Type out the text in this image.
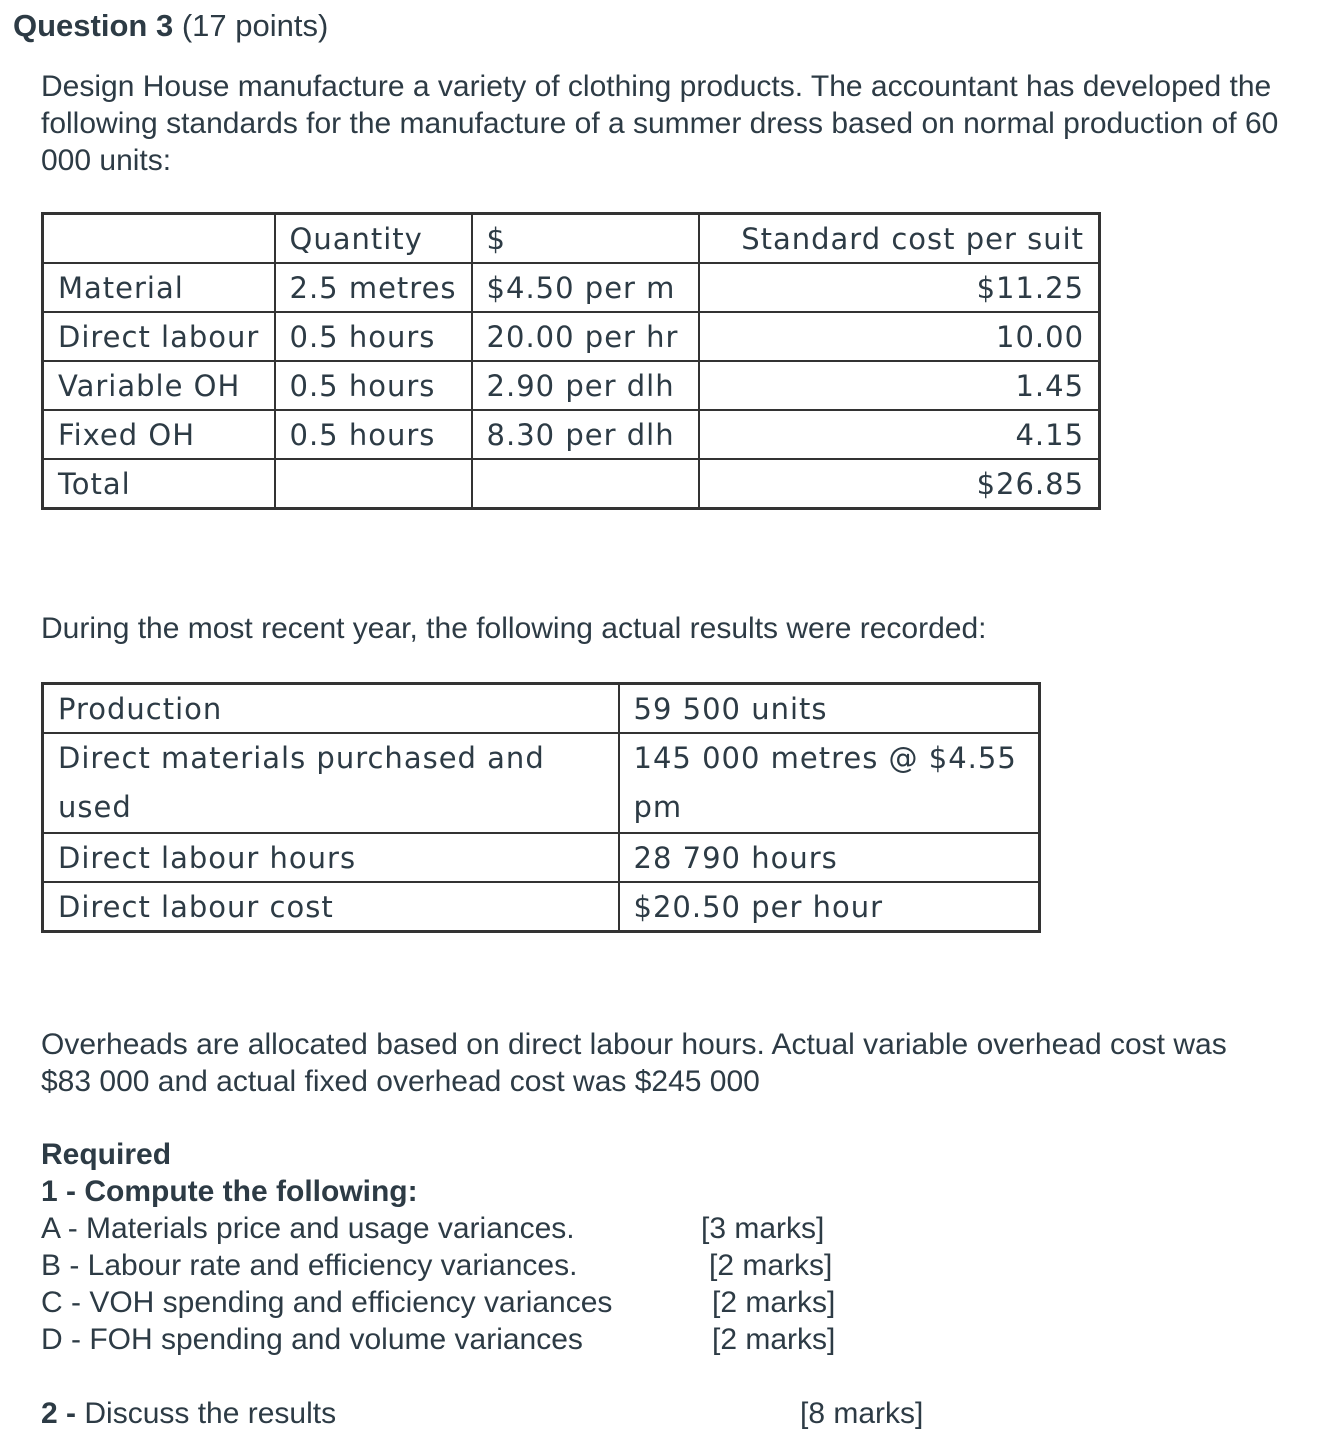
Question 3 (17 points)
Design House manufacture a variety of clothing products. The accountant has developed the following standards for the manufacture of a summer dress based on normal production of 60 000 units:
	Quantity	$	Standard cost per suit
Material	2.5 metres	$4.50 per m	$11.25
Direct labour	0.5 hours	20.00 per hr	10.00
Variable OH	0.5 hours	2.90 per dlh	1.45
Fixed OH	0.5 hours	8.30 per dlh	4.15
Total			$26.85
During the most recent year, the following actual results were recorded:
Production	59 500 units
Direct materials purchased and used	145 000 metres @ $4.55 pm
Direct labour hours	28 790 hours
Direct labour cost	$20.50 per hour
Overheads are allocated based on direct labour hours. Actual variable overhead cost was $83 000 and actual fixed overhead cost was $245 000
Required
1 - Compute the following:
A - Materials price and usage variances.	[3 marks]
B - Labour rate and efficiency variances.	[2 marks]
C - VOH spending and efficiency variances	[2 marks]
D - FOH spending and volume variances	[2 marks]
2 - Discuss the results	[8 marks]
